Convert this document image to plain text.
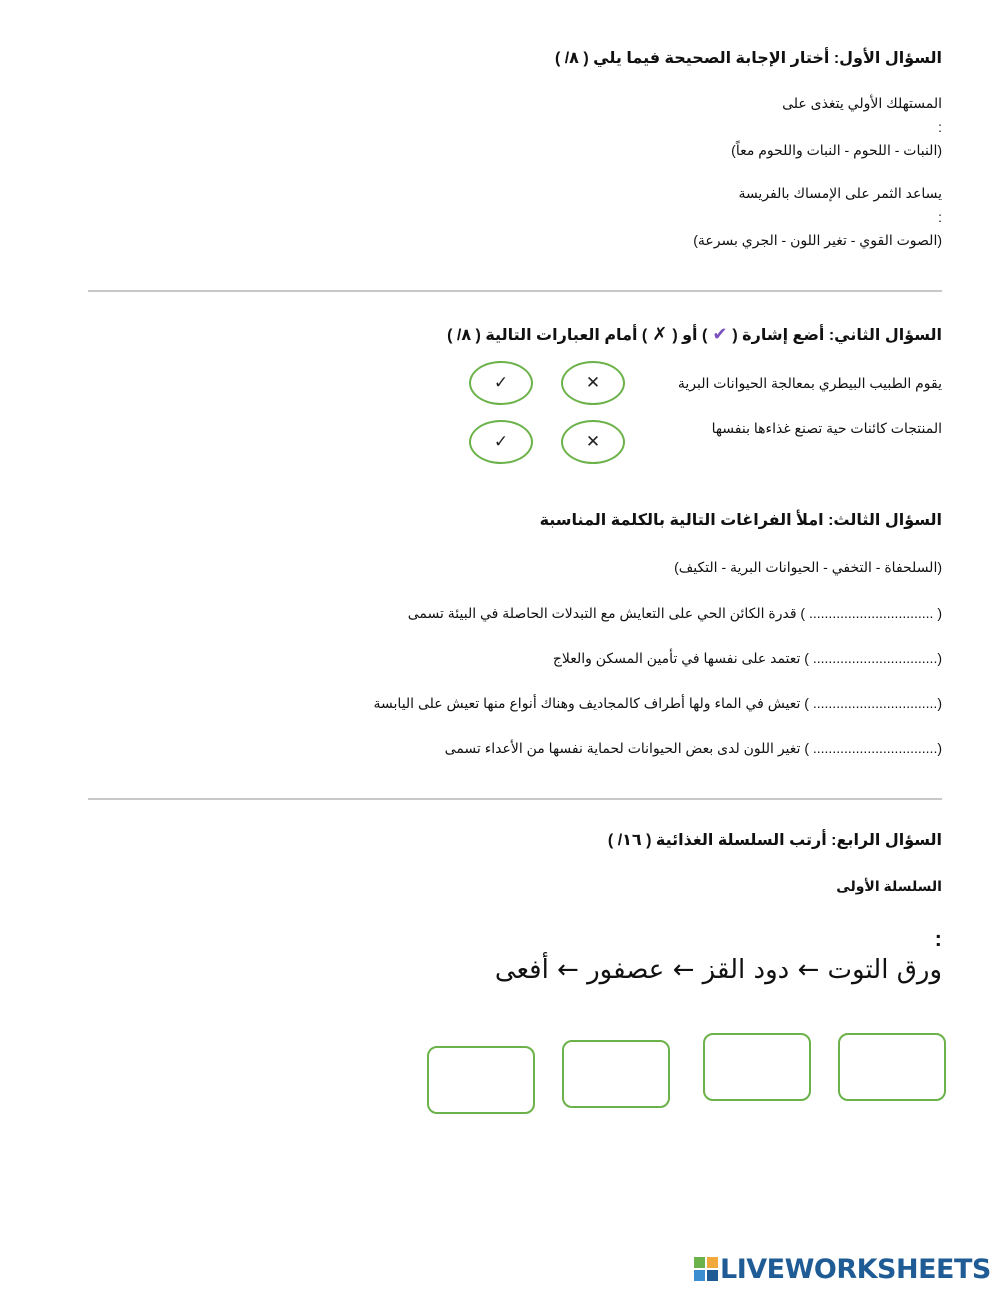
السؤال الأول: أختار الإجابة الصحيحة فيما يلي ( ٨/ )
المستهلك الأولي يتغذى على
:
(النبات - اللحوم - النبات واللحوم معاً)
يساعد الثمر على الإمساك بالفريسة
:
(الصوت القوي - تغير اللون - الجري بسرعة)
السؤال الثاني: أضع إشارة (
✔
) أو (
✗
) أمام العبارات التالية ( ٨/ )
يقوم الطبيب البيطري بمعالجة الحيوانات البرية
✕
✓
المنتجات كائنات حية تصنع غذاءها بنفسها
✕
✓
السؤال الثالث: املأ الفراغات التالية بالكلمة المناسبة
(السلحفاة - التخفي - الحيوانات البرية - التكيف)
( ................................ ) قدرة الكائن الحي على التعايش مع التبدلات الحاصلة في البيئة تسمى
(................................ ) تعتمد على نفسها في تأمين المسكن والعلاج
(................................ ) تعيش في الماء ولها أطراف كالمجاديف وهناك أنواع منها تعيش على اليابسة
(................................ ) تغير اللون لدى بعض الحيوانات لحماية نفسها من الأعداء تسمى
السؤال الرابع: أرتب السلسلة الغذائية ( ١٦/ )
السلسلة الأولى
:
ورق التوت ← دود القز ← عصفور ← أفعى
LIVEWORKSHEETS
